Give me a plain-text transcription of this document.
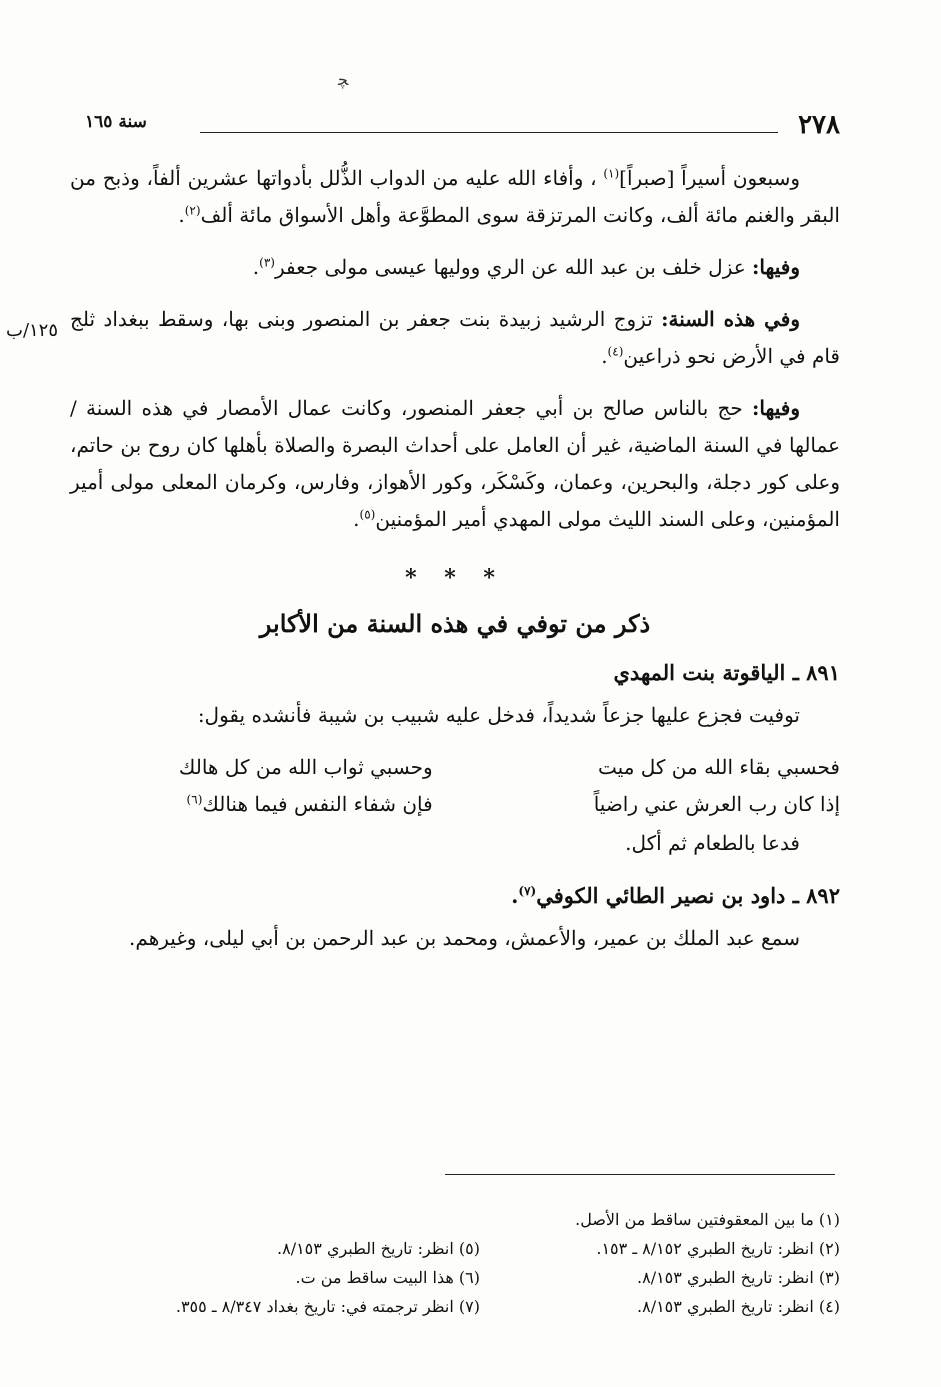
ﭽ
٢٧٨
سنة ١٦٥
١٢٥/ب

وسبعون أسيراً [صبراً]$^{(١)}$ ، وأفاء الله عليه من الدواب الذُّلل بأدواتها عشرين ألفاً، وذبح من البقر والغنم مائة ألف، وكانت المرتزقة سوى المطوَّعة وأهل الأسواق مائة ألف$^{(٢)}$.

وفيها: عزل خلف بن عبد الله عن الري ووليها عيسى مولى جعفر$^{(٣)}$.

وفي هذه السنة: تزوج الرشيد زبيدة بنت جعفر بن المنصور وبنى بها، وسقط ببغداد ثلج قام في الأرض نحو ذراعين$^{(٤)}$.

وفيها: حج بالناس صالح بن أبي جعفر المنصور، وكانت عمال الأمصار في هذه السنة / عمالها في السنة الماضية، غير أن العامل على أحداث البصرة والصلاة بأهلها كان روح بن حاتم، وعلى كور دجلة، والبحرين، وعمان، وكَسْكَر، وكور الأهواز، وفارس، وكرمان المعلى مولى أمير المؤمنين، وعلى السند الليث مولى المهدي أمير المؤمنين$^{(٥)}$.

* * *
ذكر من توفي في هذه السنة من الأكابر
٨٩١ ـ الياقوتة بنت المهدي

توفيت فجزع عليها جزعاً شديداً، فدخل عليه شبيب بن شيبة فأنشده يقول:

فحسبي بقاء الله من كل ميت	وحسبي ثواب الله من كل هالك
إذا كان رب العرش عني راضياً	فإن شفاء النفس فيما هنالك$^{(٦)}$

فدعا بالطعام ثم أكل.

٨٩٢ ـ داود بن نصير الطائي الكوفي$^{(٧)}$.

سمع عبد الملك بن عمير، والأعمش، ومحمد بن عبد الرحمن بن أبي ليلى، وغيرهم.

(١) ما بين المعقوفتين ساقط من الأصل.
(٢) انظر: تاريخ الطبري ٨/١٥٢ ـ ١٥٣.
(٥) انظر: تاريخ الطبري ٨/١٥٣.
(٣) انظر: تاريخ الطبري ٨/١٥٣.
(٦) هذا البيت ساقط من ت.
(٤) انظر: تاريخ الطبري ٨/١٥٣.
(٧) انظر ترجمته في: تاريخ بغداد ٨/٣٤٧ ـ ٣٥٥.
